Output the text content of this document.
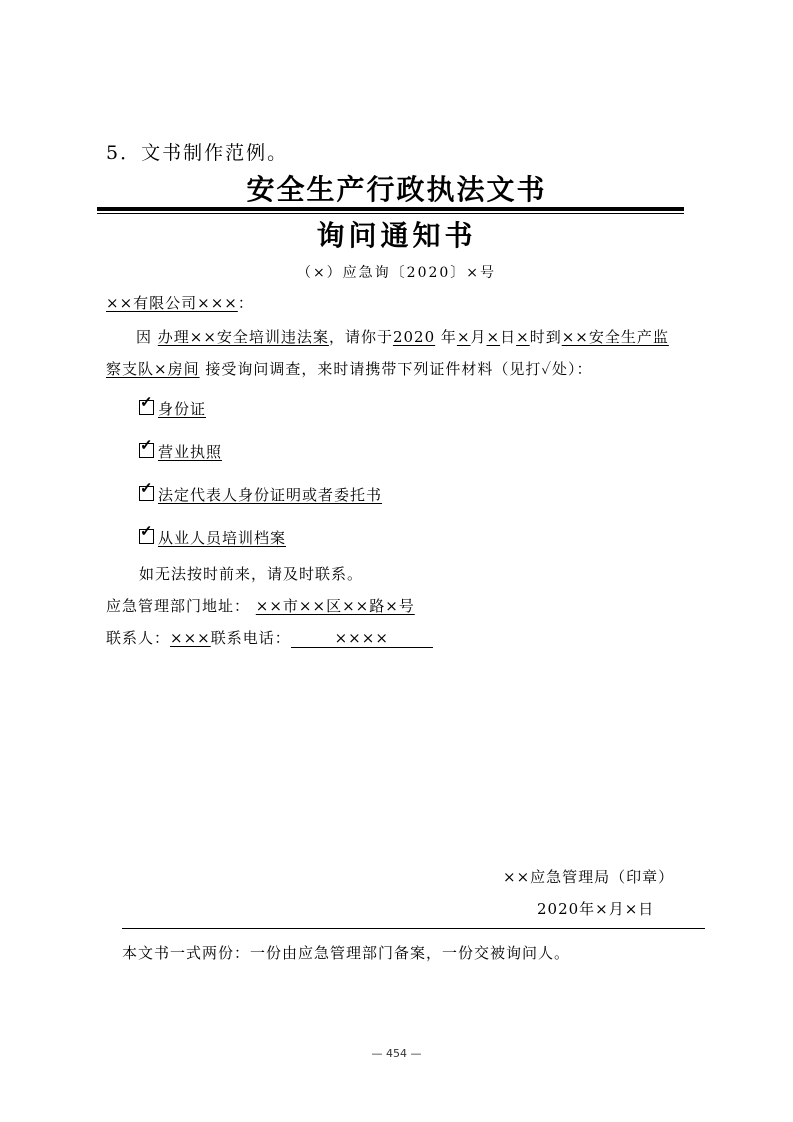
5．文书制作范例。
安全生产行政执法文书
询问通知书
（×）应急询〔2020〕×号
××有限公司×××：
因 办理××安全培训违法案，请你于2020 年×月×日×时到××安全生产监
察支队×房间 接受询问调查，来时请携带下列证件材料（见打✓处）：
✓ 身份证
✓ 营业执照
✓ 法定代表人身份证明或者委托书
✓ 从业人员培训档案
如无法按时前来，请及时联系。
应急管理部门地址： ××市××区××路×号
联系人：×××联系电话：	××××
××应急管理局（印章）
2020年×月×日
本文书一式两份：一份由应急管理部门备案，一份交被询问人。
— 454 —
